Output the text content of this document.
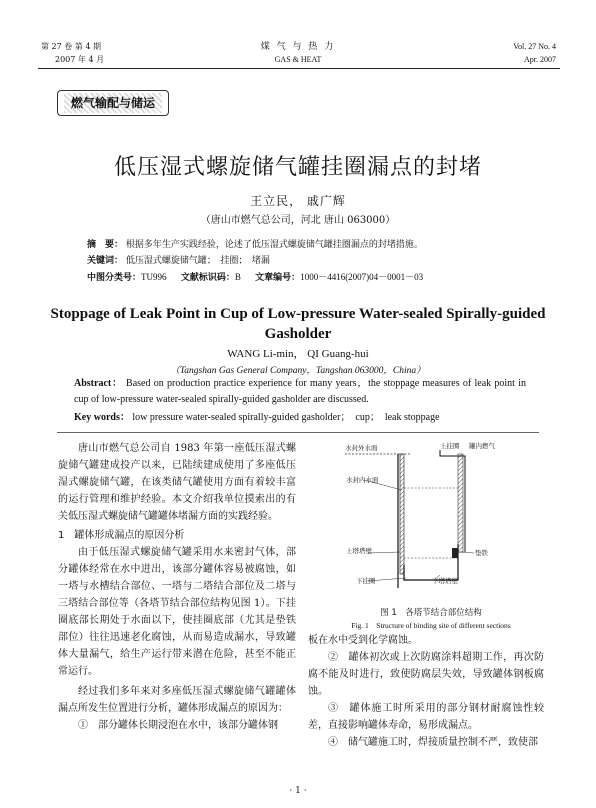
第 27 卷 第 4 期
2007 年 4 月
煤 气 与 热 力
GAS & HEAT
Vol. 27 No. 4
Apr. 2007
燃气输配与储运
低压湿式螺旋储气罐挂圈漏点的封堵
王立民， 戚广辉
（唐山市燃气总公司，河北 唐山 063000）
摘　要： 根据多年生产实践经验，论述了低压湿式螺旋储气罐挂圈漏点的封堵措施。
关键词： 低压湿式螺旋储气罐；　挂圈；　堵漏
中图分类号：TU996 文献标识码：B 文章编号：1000－4416(2007)04－0001－03
Stoppage of Leak Point in Cup of Low-pressure Water-sealed Spirally-guided Gasholder
WANG Li-min， QI Guang-hui
（Tangshan Gas General Company，Tangshan 063000，China）
Abstract： Based on production practice experience for many years，the stoppage measures of leak point in cup of low-pressure water-sealed spirally-guided gasholder are discussed.
Key words： low pressure water-sealed spirally-guided gasholder；　cup；　leak stoppage

唐山市燃气总公司自 1983 年第一座低压湿式螺旋储气罐建成投产以来，已陆续建成使用了多座低压湿式螺旋储气罐，在该类储气罐使用方面有着较丰富的运行管理和维护经验。本文介绍我单位摸索出的有关低压湿式螺旋储气罐罐体堵漏方面的实践经验。

1　罐体形成漏点的原因分析

由于低压湿式螺旋储气罐采用水来密封气体，部分罐体经常在水中进出，该部分罐体容易被腐蚀，如一塔与水槽结合部位、一塔与二塔结合部位及二塔与三塔结合部位等（各塔节结合部位结构见图 1）。下挂圈底部长期处于水面以下，使挂圈底部（尤其是垫铁部位）往往迅速老化腐蚀，从而易造成漏水，导致罐体大量漏气，给生产运行带来潜在危险，甚至不能正常运行。

经过我们多年来对多座低压湿式螺旋储气罐罐体漏点所发生位置进行分析，罐体形成漏点的原因为：

①　部分罐体长期浸泡在水中，该部分罐体钢

水封外水面	上挂圈 罐内燃气
水封内水面
上塔塔壁	垫铁
下挂圈	下塔塔壁
图 1　各塔节结合部位结构
Fig. 1　Structure of binding site of different sections

板在水中受到化学腐蚀。

②　罐体初次或上次防腐涂料超期工作，再次防腐不能及时进行，致使防腐层失效，导致罐体钢板腐蚀。

③　罐体施工时所采用的部分钢材耐腐蚀性较差，直接影响罐体寿命，易形成漏点。

④　储气罐施工时，焊接质量控制不严，致使部

· 1 ·
